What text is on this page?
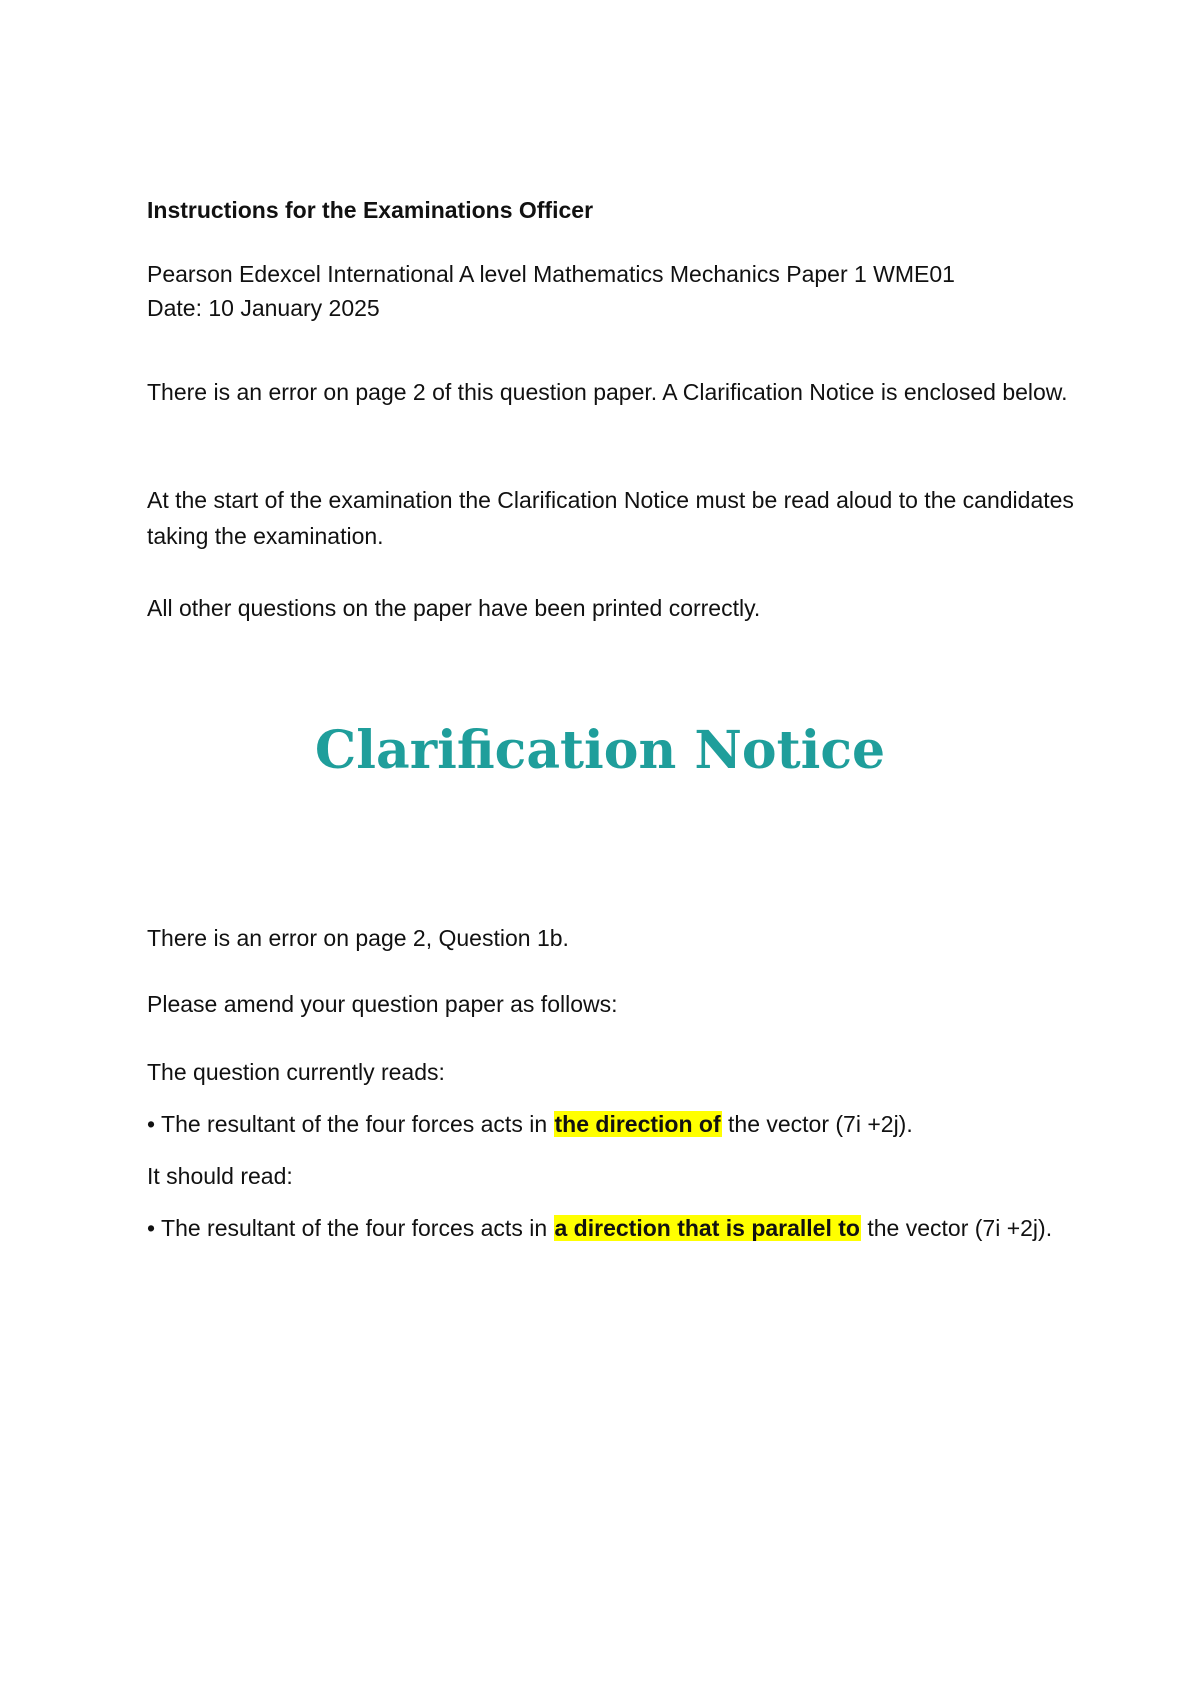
Instructions for the Examinations Officer
Pearson Edexcel International A level Mathematics Mechanics Paper 1 WME01
Date: 10 January 2025
There is an error on page 2 of this question paper. A Clarification Notice is enclosed below.
At the start of the examination the Clarification Notice must be read aloud to the candidates taking the examination.
All other questions on the paper have been printed correctly.
Clarification Notice
There is an error on page 2, Question 1b.
Please amend your question paper as follows:
The question currently reads:
• The resultant of the four forces acts in the direction of the vector (7i +2j).
It should read:
• The resultant of the four forces acts in a direction that is parallel to the vector (7i +2j).
